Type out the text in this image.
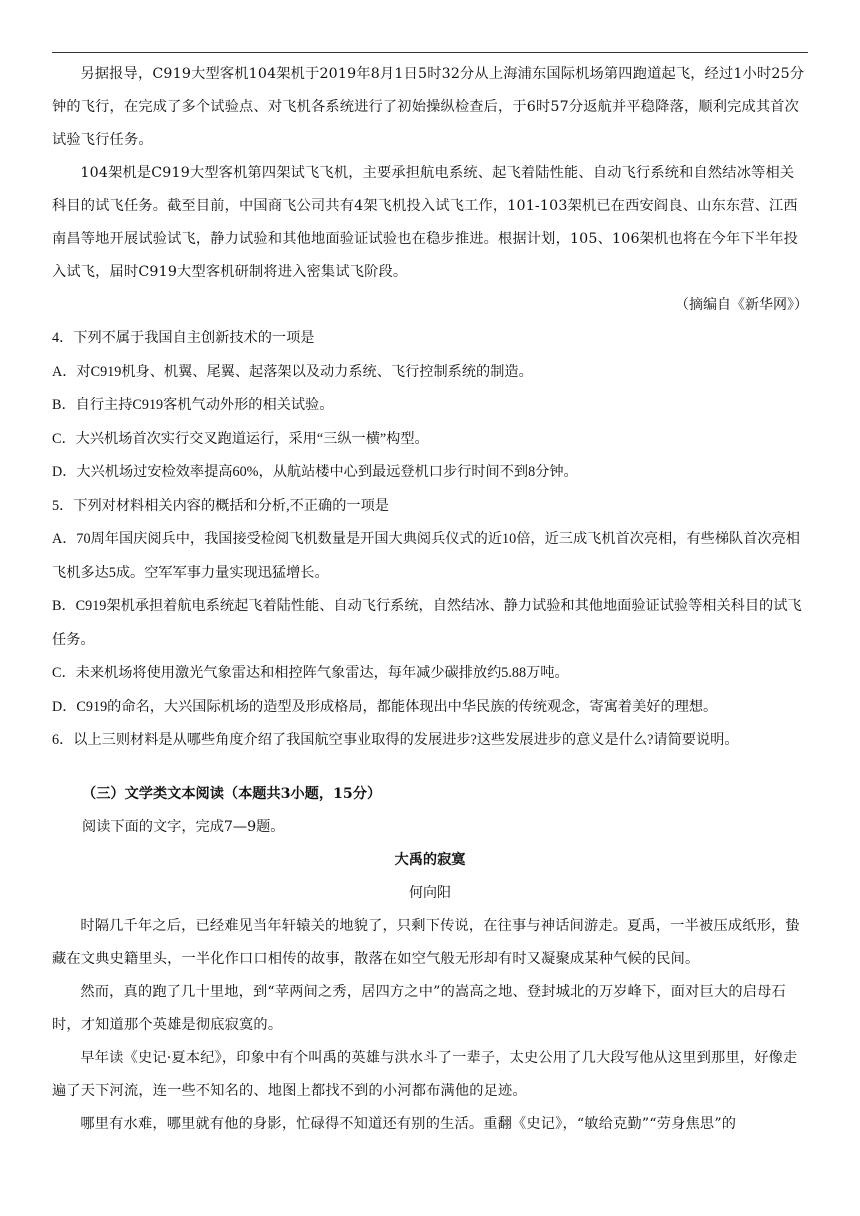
另据报导，C919大型客机104架机于2019年8月1日5时32分从上海浦东国际机场第四跑道起飞，经过1小时25分钟的飞行，在完成了多个试验点、对飞机各系统进行了初始操纵检查后，于6时57分返航并平稳降落，顺利完成其首次试验飞行任务。

104架机是C919大型客机第四架试飞飞机，主要承担航电系统、起飞着陆性能、自动飞行系统和自然结冰等相关科目的试飞任务。截至目前，中国商飞公司共有4架飞机投入试飞工作，101-103架机已在西安阎良、山东东营、江西南昌等地开展试验试飞，静力试验和其他地面验证试验也在稳步推进。根据计划，105、106架机也将在今年下半年投入试飞，届时C919大型客机研制将进入密集试飞阶段。

（摘编自《新华网》）

4．下列不属于我国自主创新技术的一项是

A．对C919机身、机翼、尾翼、起落架以及动力系统、飞行控制系统的制造。

B．自行主持C919客机气动外形的相关试验。

C．大兴机场首次实行交叉跑道运行，采用“三纵一横”构型。

D．大兴机场过安检效率提高60%，从航站楼中心到最远登机口步行时间不到8分钟。

5．下列对材料相关内容的概括和分析,不正确的一项是

A．70周年国庆阅兵中，我国接受检阅飞机数量是开国大典阅兵仪式的近10倍，近三成飞机首次亮相，有些梯队首次亮相飞机多达5成。空军军事力量实现迅猛增长。

B．C919架机承担着航电系统起飞着陆性能、自动飞行系统，自然结冰、静力试验和其他地面验证试验等相关科目的试飞任务。

C．未来机场将使用激光气象雷达和相控阵气象雷达，每年减少碳排放约5.88万吨。

D．C919的命名，大兴国际机场的造型及形成格局，都能体现出中华民族的传统观念，寄寓着美好的理想。

6．以上三则材料是从哪些角度介绍了我国航空事业取得的发展进步?这些发展进步的意义是什么?请简要说明。

（三）文学类文本阅读（本题共3小题，15分）

阅读下面的文字，完成7—9题。

大禹的寂寞

何向阳

时隔几千年之后，已经难见当年轩辕关的地貌了，只剩下传说，在往事与神话间游走。夏禹，一半被压成纸形，蛰藏在文典史籍里头，一半化作口口相传的故事，散落在如空气般无形却有时又凝聚成某种气候的民间。

然而，真的跑了几十里地，到“苹两间之秀，居四方之中”的嵩高之地、登封城北的万岁峰下，面对巨大的启母石时，才知道那个英雄是彻底寂寞的。

早年读《史记·夏本纪》，印象中有个叫禹的英雄与洪水斗了一辈子，太史公用了几大段写他从这里到那里，好像走遍了天下河流，连一些不知名的、地图上都找不到的小河都布满他的足迹。

哪里有水难，哪里就有他的身影，忙碌得不知道还有别的生活。重翻《史记》，“敏给克勤”“劳身焦思”的
